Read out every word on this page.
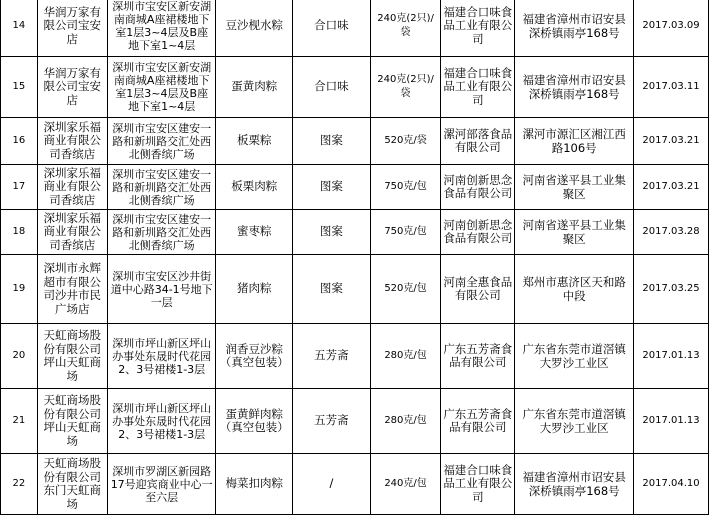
14	华润万家有限公司宝安店	深圳市宝安区新安湖南商城A座裙楼地下室1层3~4层及B座地下室1~4层	豆沙枧水粽	合口味	240克(2只)/袋	福建合口味食品工业有限公司	福建省漳州市诏安县深桥镇雨亭168号	2017.03.09
15	华润万家有限公司宝安店	深圳市宝安区新安湖南商城A座裙楼地下室1层3~4层及B座地下室1~4层	蛋黄肉粽	合口味	240克(2只)/袋	福建合口味食品工业有限公司	福建省漳州市诏安县深桥镇雨亭168号	2017.03.11
16	深圳家乐福商业有限公司香缤店	深圳市宝安区建安一路和新圳路交汇处西北侧香缤广场	板栗粽	图案	520克/袋	漯河部落食品有限公司	漯河市源汇区湘江西路106号	2017.03.21
17	深圳家乐福商业有限公司香缤店	深圳市宝安区建安一路和新圳路交汇处西北侧香缤广场	板栗肉粽	图案	750克/包	河南创新思念食品有限公司	河南省遂平县工业集聚区	2017.03.21
18	深圳家乐福商业有限公司香缤店	深圳市宝安区建安一路和新圳路交汇处西北侧香缤广场	蜜枣粽	图案	750克/包	河南创新思念食品有限公司	河南省遂平县工业集聚区	2017.03.28
19	深圳市永辉超市有限公司沙井市民广场店	深圳市宝安区沙井街道中心路34-1号地下一层	猪肉粽	图案	520克/包	河南全惠食品有限公司	郑州市惠济区天和路中段	2017.03.25
20	天虹商场股份有限公司坪山天虹商场	深圳市坪山新区坪山办事处东晟时代花园2、3号裙楼1-3层	润香豆沙粽（真空包装）	五芳斋	280克/包	广东五芳斋食品有限公司	广东省东莞市道滘镇大罗沙工业区	2017.01.13
21	天虹商场股份有限公司坪山天虹商场	深圳市坪山新区坪山办事处东晟时代花园2、3号裙楼1-3层	蛋黄鲜肉粽（真空包装）	五芳斋	280克/包	广东五芳斋食品有限公司	广东省东莞市道滘镇大罗沙工业区	2017.01.13
22	天虹商场股份有限公司东门天虹商场	深圳市罗湖区新园路17号迎宾商业中心一至六层	梅菜扣肉粽	/	240克/包	福建合口味食品工业有限公司	福建省漳州市诏安县深桥镇雨亭168号	2017.04.10
